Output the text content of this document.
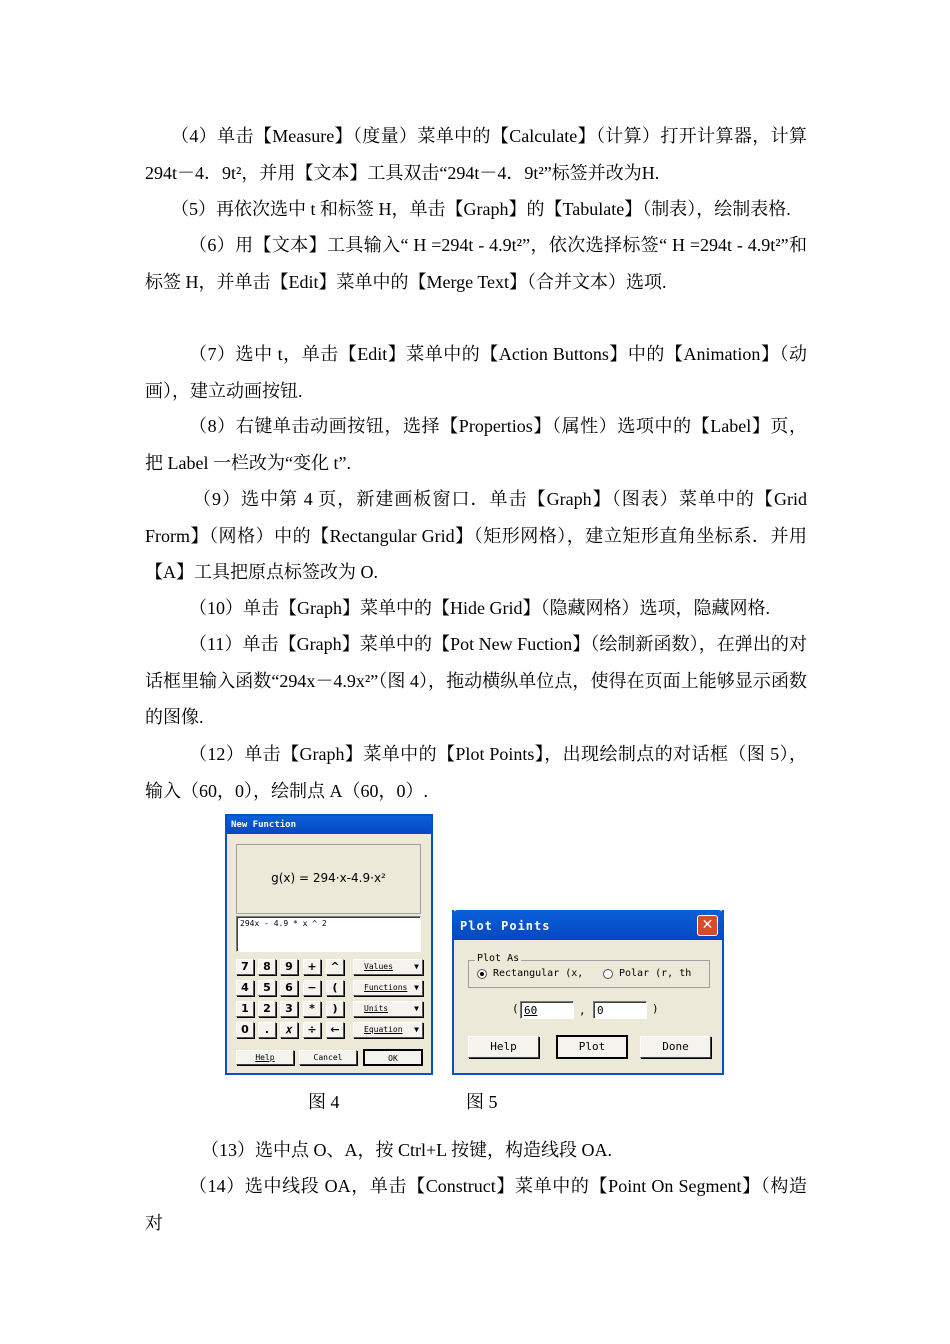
（4）单击【Measure】（度量）菜单中的【Calculate】（计算）打开计算器，计算 294t－4．9t²，并用【文本】工具双击“294t－4．9t²”标签并改为H.

（5）再依次选中 t 和标签 H，单击【Graph】的【Tabulate】（制表），绘制表格.

（6）用【文本】工具输入“ H =294t - 4.9t²”，依次选择标签“ H =294t - 4.9t²”和标签 H，并单击【Edit】菜单中的【Merge Text】（合并文本）选项.

（7）选中 t，单击【Edit】菜单中的【Action Buttons】中的【Animation】（动画），建立动画按钮.

（8）右键单击动画按钮，选择【Propertios】（属性）选项中的【Label】页，把 Label 一栏改为“变化 t”.

（9）选中第 4 页，新建画板窗口．单击【Graph】（图表）菜单中的【Grid Frorm】（网格）中的【Rectangular Grid】（矩形网格），建立矩形直角坐标系．并用【A】工具把原点标签改为 O.

（10）单击【Graph】菜单中的【Hide Grid】（隐藏网格）选项，隐藏网格.

（11）单击【Graph】菜单中的【Pot New Fuction】（绘制新函数），在弹出的对话框里输入函数“294x－4.9x²”（图 4），拖动横纵单位点，使得在页面上能够显示函数的图像.

（12）单击【Graph】菜单中的【Plot Points】，出现绘制点的对话框（图 5），输入（60，0），绘制点 A（60，0）.

New Function
g(x) = 294·x-4.9·x²
294x - 4.9 * x ^ 2
7	8	9	+	^
4	5	6	−	(
1	2	3	*	)
0	.	𝑥	÷	←
Values	▼
Functions ▼
Units	▼
Equation ▼
Help	Cancel	OK
Plot Points	✕
Plot As
Rectangular (x,	Polar (r, th
( 60	, 0	)
Help	Plot	Done
图 4	图 5

（13）选中点 O、A，按 Ctrl+L 按键，构造线段 OA.

（14）选中线段 OA，单击【Construct】菜单中的【Point On Segment】（构造对
